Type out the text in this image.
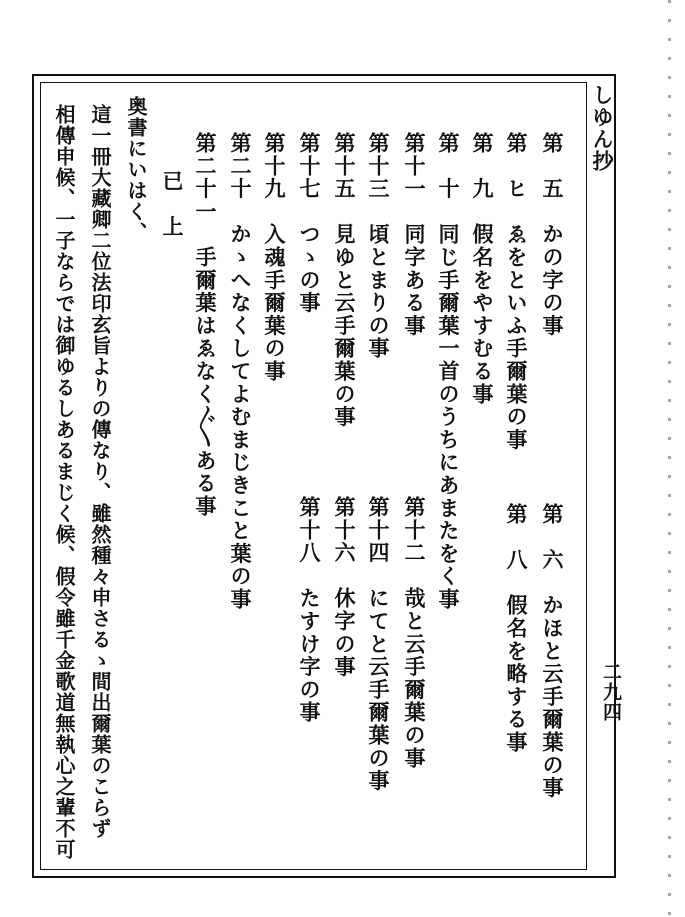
しゆん抄
二九四
第　五　かの字の事
第　ヒ　ゑをといふ手爾葉の事
第　九　假名をやすむる事
第　十　同じ手爾葉一首のうちにあまたをく事
第十一　同字ある事
第十三　頃とまりの事
第十五　見ゆと云手爾葉の事
第十七　つゝの事
第十九　入魂手爾葉の事
第二十　かゝへなくしてよむまじきこと葉の事
第二十一　手爾葉はゑなく〲ある事
第　六　かほと云手爾葉の事
第　八　假名を略する事
第十二　哉と云手爾葉の事
第十四　にてと云手爾葉の事
第十六　休字の事
第十八　たすけ字の事
已　上
奥書にいはく、
這一冊大藏卿二位法印玄旨よりの傳なり、雖然種々申さるゝ間出爾葉のこらず
相傳申候、一子ならでは御ゆるしあるまじく候、假令雖千金歌道無執心之輩不可
